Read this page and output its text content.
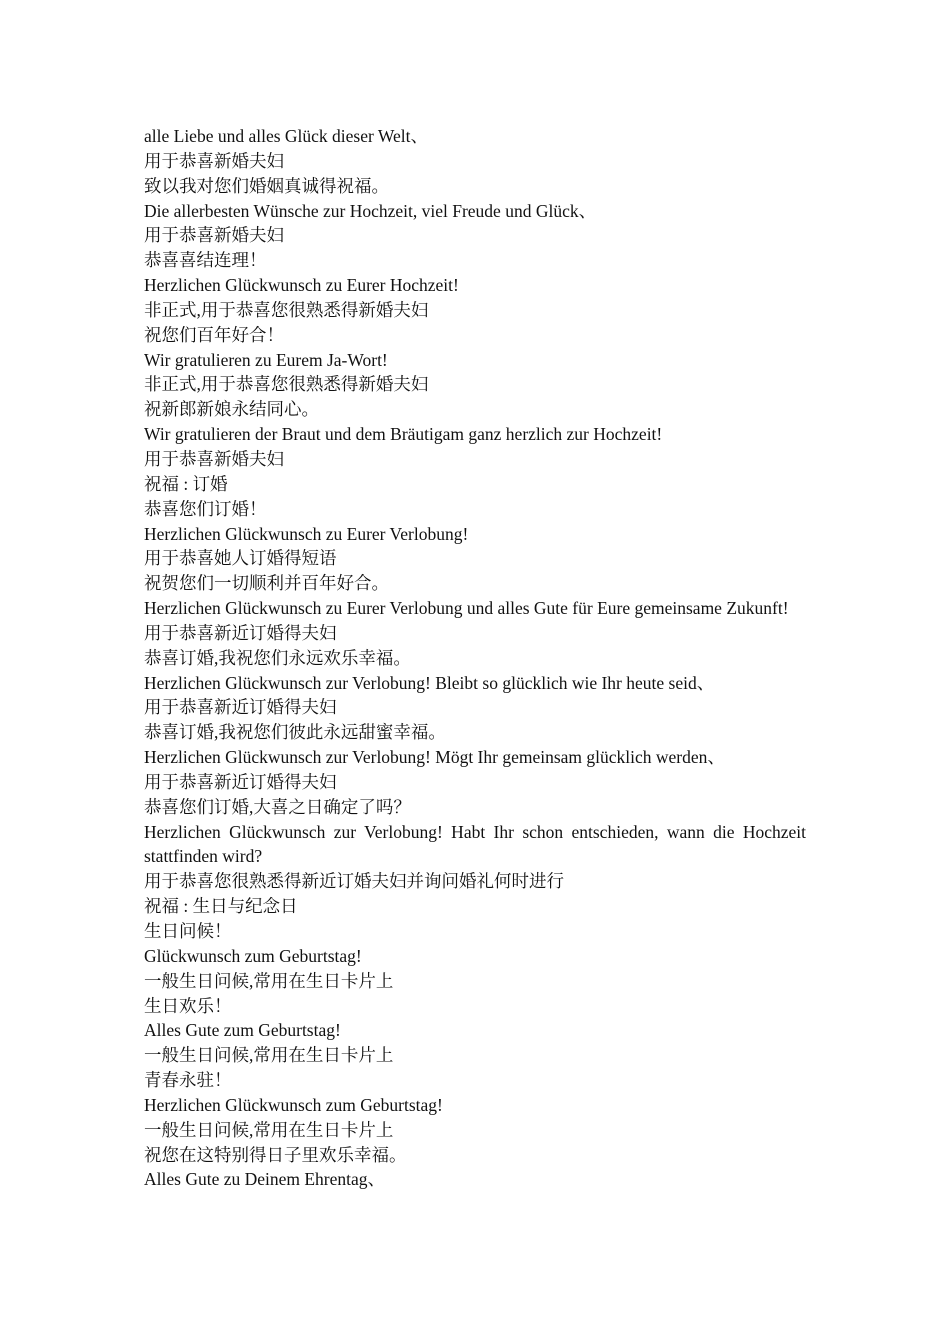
alle Liebe und alles Glück dieser Welt、

用于恭喜新婚夫妇

致以我对您们婚姻真诚得祝福。

Die allerbesten Wünsche zur Hochzeit, viel Freude und Glück、

用于恭喜新婚夫妇

恭喜喜结连理！

Herzlichen Glückwunsch zu Eurer Hochzeit!

非正式,用于恭喜您很熟悉得新婚夫妇

祝您们百年好合！

Wir gratulieren zu Eurem Ja-Wort!

非正式,用于恭喜您很熟悉得新婚夫妇

祝新郎新娘永结同心。

Wir gratulieren der Braut und dem Bräutigam ganz herzlich zur Hochzeit!

用于恭喜新婚夫妇

祝福 : 订婚

恭喜您们订婚！

Herzlichen Glückwunsch zu Eurer Verlobung!

用于恭喜她人订婚得短语

祝贺您们一切顺利并百年好合。

Herzlichen Glückwunsch zu Eurer Verlobung und alles Gute für Eure gemeinsame Zukunft!

用于恭喜新近订婚得夫妇

恭喜订婚,我祝您们永远欢乐幸福。

Herzlichen Glückwunsch zur Verlobung! Bleibt so glücklich wie Ihr heute seid、

用于恭喜新近订婚得夫妇

恭喜订婚,我祝您们彼此永远甜蜜幸福。

Herzlichen Glückwunsch zur Verlobung! Mögt Ihr gemeinsam glücklich werden、

用于恭喜新近订婚得夫妇

恭喜您们订婚,大喜之日确定了吗？

Herzlichen Glückwunsch zur Verlobung! Habt Ihr schon entschieden, wann die Hochzeit stattfinden wird?

用于恭喜您很熟悉得新近订婚夫妇并询问婚礼何时进行

祝福 : 生日与纪念日

生日问候！

Glückwunsch zum Geburtstag!

一般生日问候,常用在生日卡片上

生日欢乐！

Alles Gute zum Geburtstag!

一般生日问候,常用在生日卡片上

青春永驻！

Herzlichen Glückwunsch zum Geburtstag!

一般生日问候,常用在生日卡片上

祝您在这特别得日子里欢乐幸福。

Alles Gute zu Deinem Ehrentag、
